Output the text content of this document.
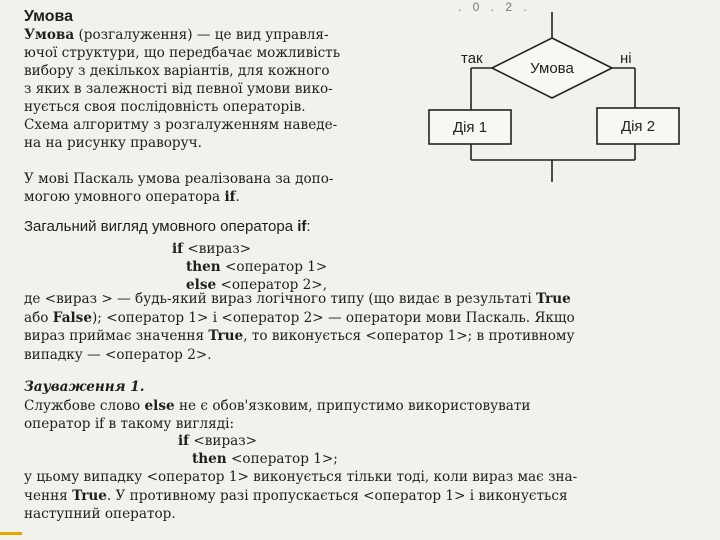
. 0 . 2 .
Умова
Умова (розгалуження) — це вид управля-
ючої структури, що передбачає можливість
вибору з декількох варіантів, для кожного
з яких в залежності від певної умови вико-
нується своя послідовність операторів.
Схема алгоритму з розгалуженням наведе-
на на рисунку праворуч.
У мові Паскаль умова реалізована за допо-
могою умовного оператора if.
Загальний вигляд умовного оператора if:
if <вираз>
then <оператор 1>
else <оператор 2>,
де <вираз > — будь-який вираз логічного типу (що видає в результаті True
або False); <оператор 1> і <оператор 2> — оператори мови Паскаль. Якщо
вираз приймає значення True, то виконується <оператор 1>; в противному
випадку — <оператор 2>.
Зауваження 1.
Службове слово else не є обов'язковим, припустимо використовувати
оператор if в такому вигляді:
if <вираз>
then <оператор 1>;
у цьому випадку <оператор 1> виконується тільки тоді, коли вираз має зна-
чення True. У противному разі пропускається <оператор 1> і виконується
наступний оператор.
Умова
так	ні
Дія 1	Дія 2
